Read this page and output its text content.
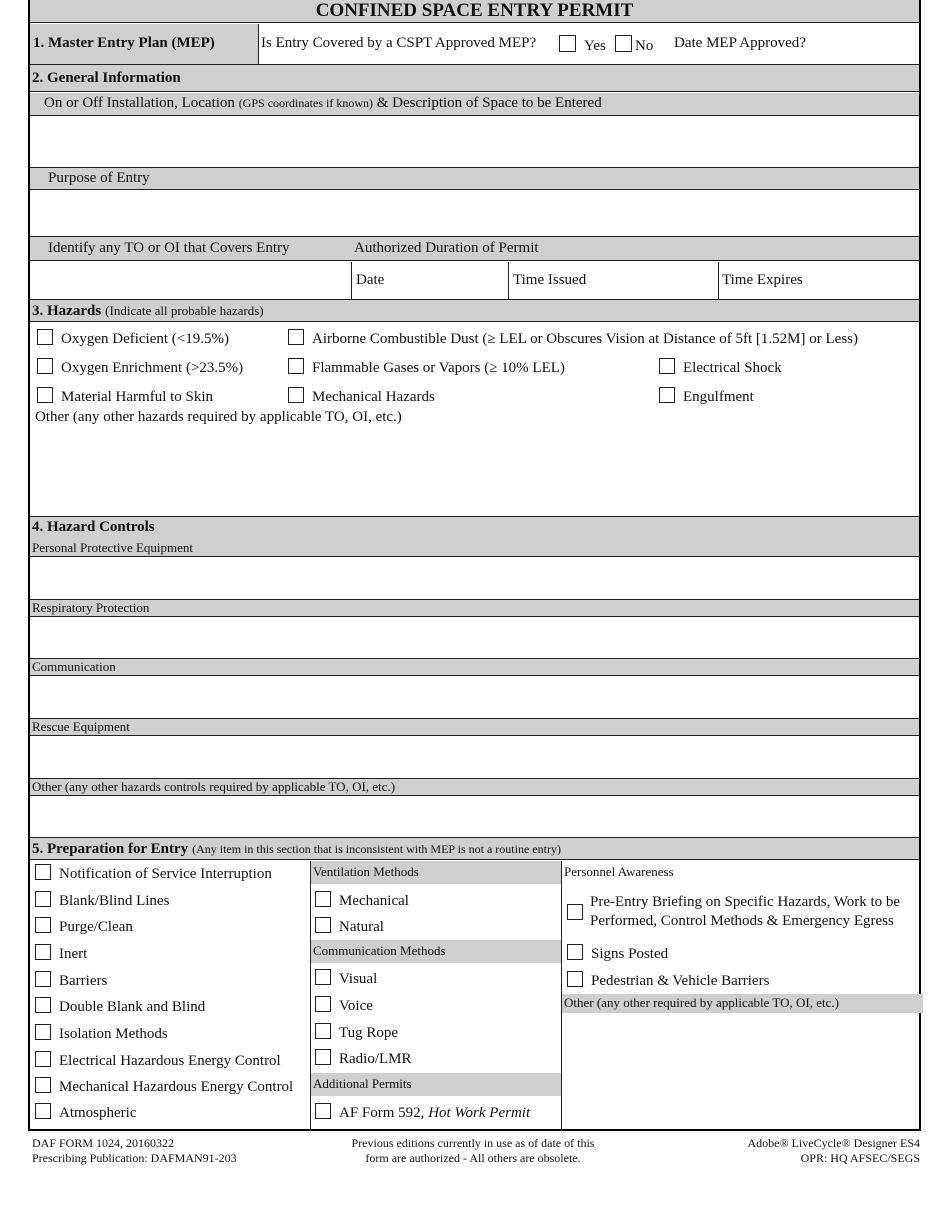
CONFINED SPACE ENTRY PERMIT
1. Master Entry Plan (MEP)	Is Entry Covered by a CSPT Approved MEP?	Yes	No Date MEP Approved?
2. General Information
On or Off Installation, Location (GPS coordinates if known) & Description of Space to be Entered
Purpose of Entry
Identify any TO or OI that Covers Entry	Authorized Duration of Permit
Date	Time Issued	Time Expires
3. Hazards (Indicate all probable hazards)
Oxygen Deficient (<19.5%)	Airborne Combustible Dust (≥ LEL or Obscures Vision at Distance of 5ft [1.52M] or Less)
Oxygen Enrichment (>23.5%)	Flammable Gases or Vapors (≥ 10% LEL)	Electrical Shock
Material Harmful to Skin	Mechanical Hazards	Engulfment
Other (any other hazards required by applicable TO, OI, etc.)
4. Hazard Controls
Personal Protective Equipment
Respiratory Protection
Communication
Rescue Equipment
Other (any other hazards controls required by applicable TO, OI, etc.)
5. Preparation for Entry (Any item in this section that is inconsistent with MEP is not a routine entry)
Notification of Service Interruption
Blank/Blind Lines
Purge/Clean
Inert
Barriers
Double Blank and Blind
Isolation Methods
Electrical Hazardous Energy Control
Mechanical Hazardous Energy Control
Atmospheric
Ventilation Methods
Mechanical
Natural
Communication Methods
Visual
Voice
Tug Rope
Radio/LMR
Additional Permits
AF Form 592, Hot Work Permit
Personnel Awareness
Pre-Entry Briefing on Specific Hazards, Work to be
Performed, Control Methods & Emergency Egress
Signs Posted
Pedestrian & Vehicle Barriers
Other (any other required by applicable TO, OI, etc.)
DAF FORM 1024, 20160322
Prescribing Publication: DAFMAN91-203
Previous editions currently in use as of date of this
form are authorized - All others are obsolete.
Adobe® LiveCycle® Designer ES4
OPR: HQ AFSEC/SEGS
